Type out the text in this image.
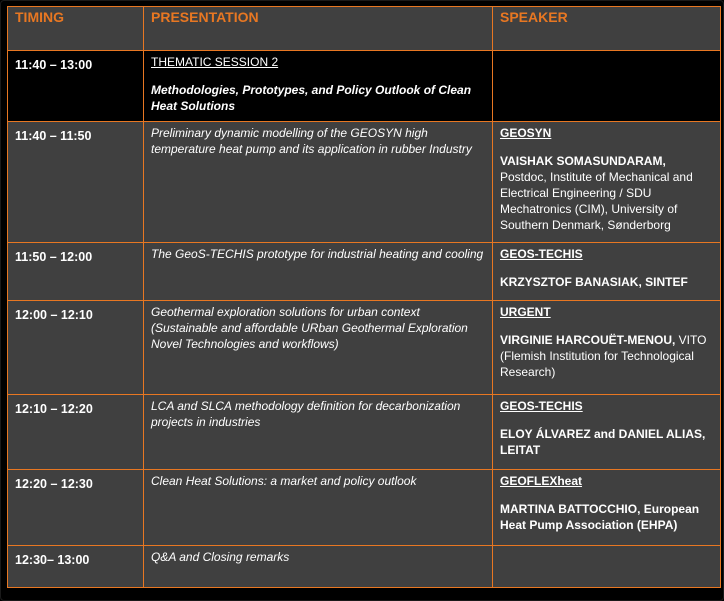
TIMING	PRESENTATION	SPEAKER
11:40 – 13:00	THEMATIC SESSION 2
Methodologies, Prototypes, and Policy Outlook of Clean Heat Solutions	

11:40 – 11:50	Preliminary dynamic modelling of the GEOSYN high temperature heat pump and its application in rubber Industry	GEOSYN
VAISHAK SOMASUNDARAM, Postdoc, Institute of Mechanical and Electrical Engineering / SDU Mechatronics (CIM), University of Southern Denmark, Sønderborg

11:50 – 12:00	The GeoS-TECHIS prototype for industrial heating and cooling	GEOS-TECHIS
KRZYSZTOF BANASIAK, SINTEF

12:00 – 12:10	Geothermal exploration solutions for urban context (Sustainable and affordable URban Geothermal Exploration Novel Technologies and workflows)	URGENT
VIRGINIE HARCOUËT-MENOU, VITO (Flemish Institution for Technological Research)

12:10 – 12:20	LCA and SLCA methodology definition for decarbonization projects in industries	GEOS-TECHIS
ELOY ÁLVAREZ and DANIEL ALIAS, LEITAT

12:20 – 12:30	Clean Heat Solutions: a market and policy outlook	GEOFLEXheat
MARTINA BATTOCCHIO, European Heat Pump Association (EHPA)

12:30– 13:00	Q&A and Closing remarks	
